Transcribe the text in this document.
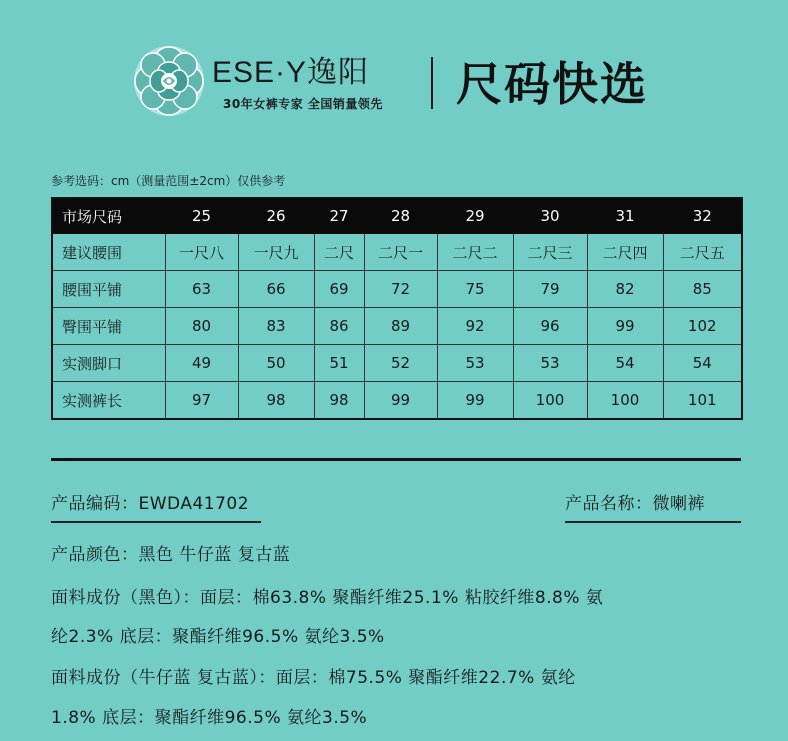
ESE·Y逸阳
30年女裤专家 全国销量领先 尺码快选
参考选码：cm（测量范围±2cm）仅供参考
市场尺码	25	26	27	28	29	30	31	32
建议腰围	一尺八	一尺九	二尺	二尺一	二尺二	二尺三	二尺四	二尺五
腰围平铺	63	66	69	72	75	79	82	85
臀围平铺	80	83	86	89	92	96	99	102
实测脚口	49	50	51	52	53	53	54	54
实测裤长	97	98	98	99	99	100	100	101
产品编码：EWDA41702	产品名称：微喇裤
产品颜色：黑色 牛仔蓝 复古蓝
面料成份（黑色）：面层：棉63.8% 聚酯纤维25.1% 粘胶纤维8.8% 氨
纶2.3% 底层：聚酯纤维96.5% 氨纶3.5%
面料成份（牛仔蓝 复古蓝）：面层：棉75.5% 聚酯纤维22.7% 氨纶
1.8% 底层：聚酯纤维96.5% 氨纶3.5%
